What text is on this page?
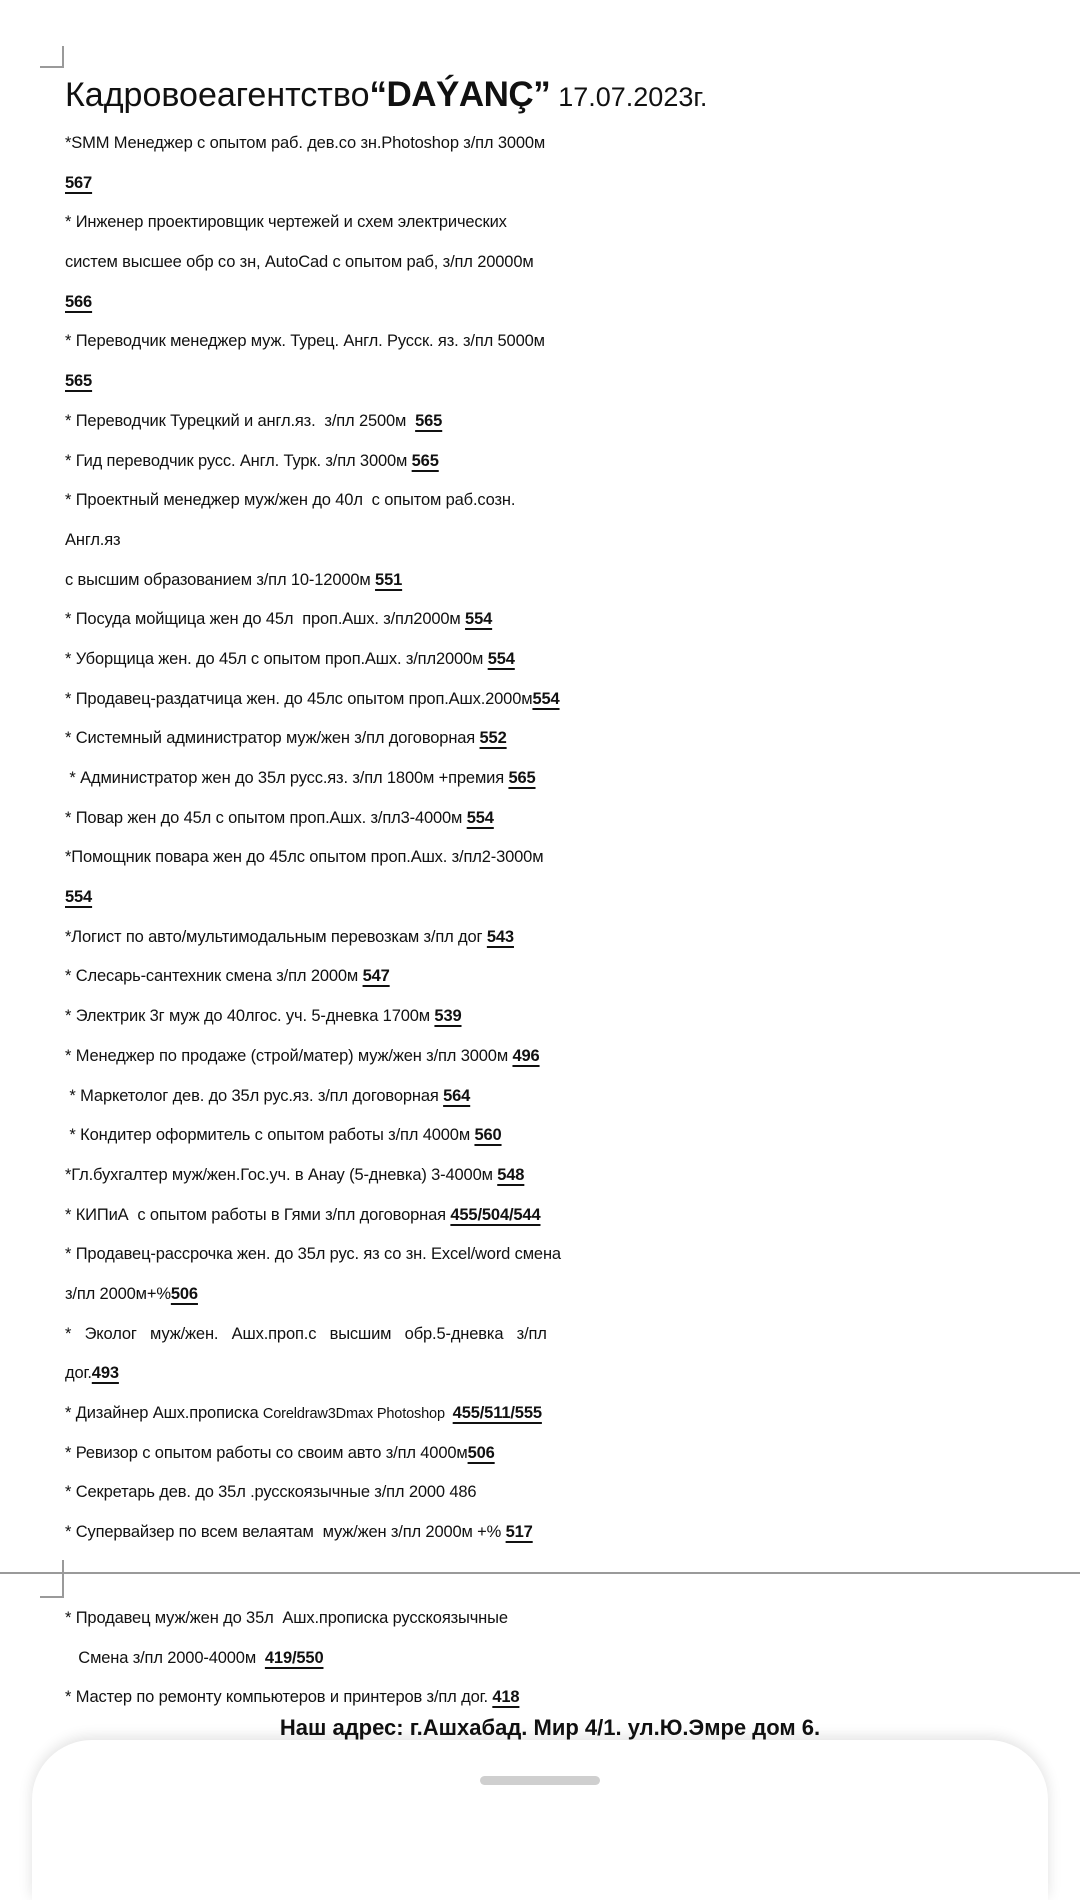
Кадровоеагентство“DAÝANÇ” 17.07.2023г.
*SMM Менеджер с опытом раб. дев.со зн.Photoshop з/пл 3000м
567
* Инженер проектировщик чертежей и схем электрических
систем высшее обр со зн, AutoCad с опытом раб, з/пл 20000м
566
* Переводчик менеджер муж. Турец. Англ. Русск. яз. з/пл 5000м
565
* Переводчик Турецкий и англ.яз.  з/пл 2500м  565
* Гид переводчик русс. Англ. Турк. з/пл 3000м 565
* Проектный менеджер муж/жен до 40л  с опытом раб.созн.
Англ.яз
с высшим образованием з/пл 10-12000м 551
* Посуда мойщица жен до 45л  проп.Ашх. з/пл2000м 554
* Уборщица жен. до 45л с опытом проп.Ашх. з/пл2000м 554
* Продавец-раздатчица жен. до 45лс опытом проп.Ашх.2000м554
* Системный администратор муж/жен з/пл договорная 552
* Администратор жен до 35л русс.яз. з/пл 1800м +премия 565
* Повар жен до 45л с опытом проп.Ашх. з/пл3-4000м 554
*Помощник повара жен до 45лс опытом проп.Ашх. з/пл2-3000м
554
*Логист по авто/мультимодальным перевозкам з/пл дог 543
* Слесарь-сантехник смена з/пл 2000м 547
* Электрик 3г муж до 40лгос. уч. 5-дневка 1700м 539
* Менеджер по продаже (строй/матер) муж/жен з/пл 3000м 496
* Маркетолог дев. до 35л рус.яз. з/пл договорная 564
* Кондитер оформитель с опытом работы з/пл 4000м 560
*Гл.бухгалтер муж/жен.Гос.уч. в Анау (5-дневка) 3-4000м 548
* КИПиА  с опытом работы в Гями з/пл договорная 455/504/544
* Продавец-рассрочка жен. до 35л рус. яз со зн. Excel/word смена
з/пл 2000м+%506
*   Эколог   муж/жен.   Ашх.проп.с   высшим   обр.5-дневка   з/пл
дог.493
* Дизайнер Ашх.прописка Coreldraw3Dmax Photoshop  455/511/555
* Ревизор с опытом работы со своим авто з/пл 4000м506
* Секретарь дев. до 35л .русскоязычные з/пл 2000 486
* Супервайзер по всем велаятам  муж/жен з/пл 2000м +% 517
* Продавец муж/жен до 35л  Ашх.прописка русскоязычные
Смена з/пл 2000-4000м  419/550
* Мастер по ремонту компьютеров и принтеров з/пл дог. 418
Наш адрес: г.Ашхабад. Мир 4/1. ул.Ю.Эмре дом 6.
